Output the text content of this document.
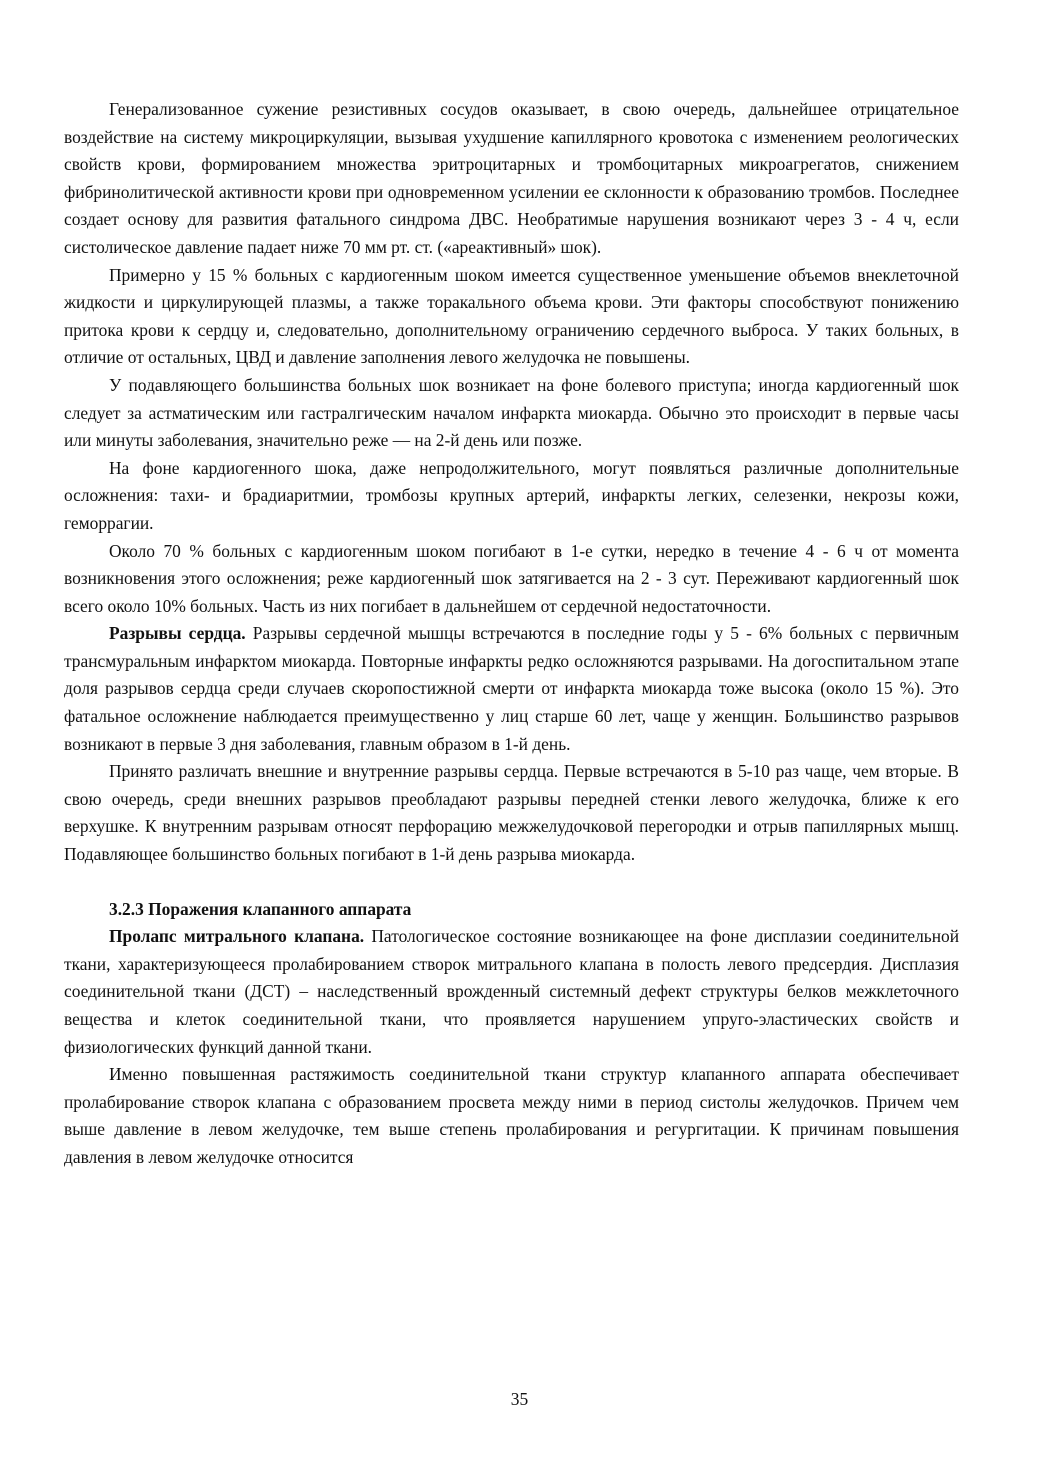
Генерализованное сужение резистивных сосудов оказывает, в свою очередь, дальнейшее отрицательное воздействие на систему микроциркуляции, вызывая ухудшение капиллярного кровотока с изменением реологических свойств крови, формированием множества эритроцитарных и тромбоцитарных микроагрегатов, снижением фибринолитической активности крови при одновременном усилении ее склонности к образованию тромбов. Последнее создает основу для развития фатального синдрома ДВС. Необратимые нарушения возникают через 3 - 4 ч, если систолическое давление падает ниже 70 мм рт. ст. («ареактивный» шок).

Примерно у 15 % больных с кардиогенным шоком имеется существенное уменьшение объемов внеклеточной жидкости и циркулирующей плазмы, а также торакального объема крови. Эти факторы способствуют понижению притока крови к сердцу и, следовательно, дополнительному ограничению сердечного выброса. У таких больных, в отличие от остальных, ЦВД и давление заполнения левого желудочка не повышены.

У подавляющего большинства больных шок возникает на фоне болевого приступа; иногда кардиогенный шок следует за астматическим или гастралгическим началом инфаркта миокарда. Обычно это происходит в первые часы или минуты заболевания, значительно реже — на 2-й день или позже.

На фоне кардиогенного шока, даже непродолжительного, могут появляться различные дополнительные осложнения: тахи- и брадиаритмии, тромбозы крупных артерий, инфаркты легких, селезенки, некрозы кожи, геморрагии.

Около 70 % больных с кардиогенным шоком погибают в 1-е сутки, нередко в течение 4 - 6 ч от момента возникновения этого осложнения; реже кардиогенный шок затягивается на 2 - 3 сут. Переживают кардиогенный шок всего около 10% больных. Часть из них погибает в дальнейшем от сердечной недостаточности.

Разрывы сердца. Разрывы сердечной мышцы встречаются в последние годы у 5 - 6% больных с первичным трансмуральным инфарктом миокарда. Повторные инфаркты редко осложняются разрывами. На догоспитальном этапе доля разрывов сердца среди случаев скоропостижной смерти от инфаркта миокарда тоже высока (около 15 %). Это фатальное осложнение наблюдается преимущественно у лиц старше 60 лет, чаще у женщин. Большинство разрывов возникают в первые 3 дня заболевания, главным образом в 1-й день.

Принято различать внешние и внутренние разрывы сердца. Первые встречаются в 5-10 раз чаще, чем вторые. В свою очередь, среди внешних разрывов преобладают разрывы передней стенки левого желудочка, ближе к его верхушке. К внутренним разрывам относят перфорацию межжелудочковой перегородки и отрыв папиллярных мышц. Подавляющее большинство больных погибают в 1-й день разрыва миокарда.

3.2.3 Поражения клапанного аппарата

Пролапс митрального клапана. Патологическое состояние возникающее на фоне дисплазии соединительной ткани, характеризующееся пролабированием створок митрального клапана в полость левого предсердия. Дисплазия соединительной ткани (ДСТ) – наследственный врожденный системный дефект структуры белков межклеточного вещества и клеток соединительной ткани, что проявляется нарушением упруго-эластических свойств и физиологических функций данной ткани.

Именно повышенная растяжимость соединительной ткани структур клапанного аппарата обеспечивает пролабирование створок клапана с образованием просвета между ними в период систолы желудочков. Причем чем выше давление в левом желудочке, тем выше степень пролабирования и регургитации. К причинам повышения давления в левом желудочке относится

35
